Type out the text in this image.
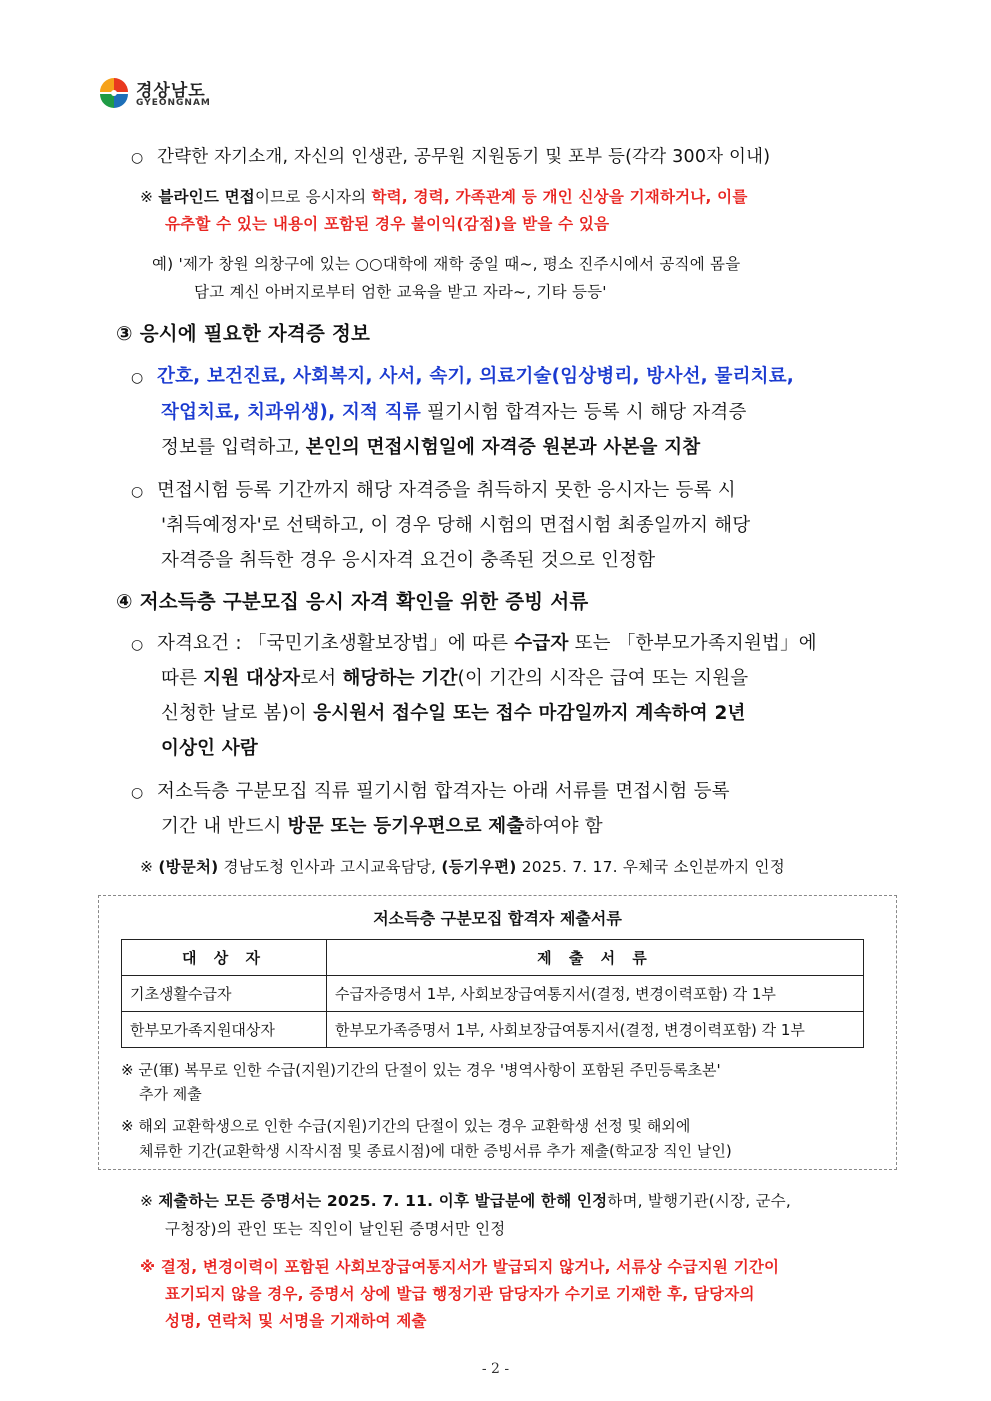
경상남도
GYEONGNAM
○ 간략한 자기소개, 자신의 인생관, 공무원 지원동기 및 포부 등(각각 300자 이내)
※ 블라인드 면접이므로 응시자의 학력, 경력, 가족관계 등 개인 신상을 기재하거나, 이를
유추할 수 있는 내용이 포함된 경우 불이익(감점)을 받을 수 있음
예) '제가 창원 의창구에 있는 ○○대학에 재학 중일 때~, 평소 진주시에서 공직에 몸을
담고 계신 아버지로부터 엄한 교육을 받고 자라~, 기타 등등'
③ 응시에 필요한 자격증 정보
○ 간호, 보건진료, 사회복지, 사서, 속기, 의료기술(임상병리, 방사선, 물리치료,
작업치료, 치과위생), 지적 직류 필기시험 합격자는 등록 시 해당 자격증
정보를 입력하고, 본인의 면접시험일에 자격증 원본과 사본을 지참
○ 면접시험 등록 기간까지 해당 자격증을 취득하지 못한 응시자는 등록 시
'취득예정자'로 선택하고, 이 경우 당해 시험의 면접시험 최종일까지 해당
자격증을 취득한 경우 응시자격 요건이 충족된 것으로 인정함
④ 저소득층 구분모집 응시 자격 확인을 위한 증빙 서류
○ 자격요건 : 「국민기초생활보장법」에 따른 수급자 또는 「한부모가족지원법」에
따른 지원 대상자로서 해당하는 기간(이 기간의 시작은 급여 또는 지원을
신청한 날로 봄)이 응시원서 접수일 또는 접수 마감일까지 계속하여 2년
이상인 사람
○ 저소득층 구분모집 직류 필기시험 합격자는 아래 서류를 면접시험 등록
기간 내 반드시 방문 또는 등기우편으로 제출하여야 함
※ (방문처) 경남도청 인사과 고시교육담당, (등기우편) 2025. 7. 17. 우체국 소인분까지 인정
저소득층 구분모집 합격자 제출서류
대 상 자	제 출 서 류
기초생활수급자	수급자증명서 1부, 사회보장급여통지서(결정, 변경이력포함) 각 1부
한부모가족지원대상자	한부모가족증명서 1부, 사회보장급여통지서(결정, 변경이력포함) 각 1부
※ 군(軍) 복무로 인한 수급(지원)기간의 단절이 있는 경우 '병역사항이 포함된 주민등록초본'
추가 제출
※ 해외 교환학생으로 인한 수급(지원)기간의 단절이 있는 경우 교환학생 선정 및 해외에
체류한 기간(교환학생 시작시점 및 종료시점)에 대한 증빙서류 추가 제출(학교장 직인 날인)
※ 제출하는 모든 증명서는 2025. 7. 11. 이후 발급분에 한해 인정하며, 발행기관(시장, 군수,
구청장)의 관인 또는 직인이 날인된 증명서만 인정
※ 결정, 변경이력이 포함된 사회보장급여통지서가 발급되지 않거나, 서류상 수급지원 기간이
표기되지 않을 경우, 증명서 상에 발급 행정기관 담당자가 수기로 기재한 후, 담당자의
성명, 연락처 및 서명을 기재하여 제출
- 2 -
